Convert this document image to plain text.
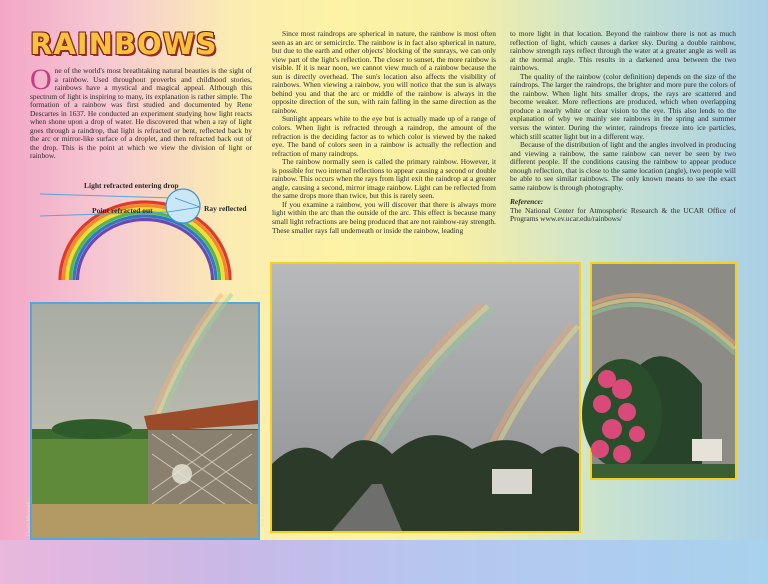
RAINBOWS

One of the world's most breathtaking natural beauties is the sight of a rainbow. Used throughout proverbs and childhood stories, rainbows have a mystical and magical appeal. Although this spectrum of light is inspiring to many, its explanation is rather simple. The formation of a rainbow was first studied and documented by Rene Descartes in 1637. He conducted an experiment studying how light reacts when shone upon a drop of water. He discovered that when a ray of light goes through a raindrop, that light is refracted or bent, reflected back by the arc or mirror-like surface of a droplet, and then refracted back out of the drop. This is the point at which we view the division of light or rainbow.

Light refracted entering drop
Point refracted out	Ray reflected

Since most raindrops are spherical in nature, the rainbow is most often seen as an arc or semicircle. The rainbow is in fact also spherical in nature, but due to the earth and other objects' blocking of the sunrays, we can only view part of the light's reflection. The closer to sunset, the more rainbow is visible. If it is near noon, we cannot view much of a rainbow because the sun is directly overhead. The sun's location also affects the visibility of rainbows. When viewing a rainbow, you will notice that the sun is always behind you and that the arc or middle of the rainbow is always in the opposite direction of the sun, with rain falling in the same direction as the rainbow.

Sunlight appears white to the eye but is actually made up of a range of colors. When light is refracted through a raindrop, the amount of the refraction is the deciding factor as to which color is viewed by the naked eye. The band of colors seen in a rainbow is actually the reflection and refraction of many raindrops.

The rainbow normally seen is called the primary rainbow. However, it is possible for two internal reflections to appear causing a second or double rainbow. This occurs when the rays from light exit the raindrop at a greater angle, causing a second, mirror image rainbow. Light can be reflected from the same drops more than twice, but this is rarely seen.

If you examine a rainbow, you will discover that there is always more light within the arc than the outside of the arc. This effect is because many small light refractions are being produced that are not rainbow-ray strength. These smaller rays fall underneath or inside the rainbow, leading

to more light in that location. Beyond the rainbow there is not as much reflection of light, which causes a darker sky. During a double rainbow, rainbow strength rays reflect through the water at a greater angle as well as at the normal angle. This results in a darkened area between the two rainbows.

The quality of the rainbow (color definition) depends on the size of the raindrops. The larger the raindrops, the brighter and more pure the colors of the rainbow. When light hits smaller drops, the rays are scattered and become weaker. More reflections are produced, which when overlapping produce a nearly white or clear vision to the eye. This also lends to the explanation of why we mainly see rainbows in the spring and summer versus the winter. During the winter, raindrops freeze into ice particles, which still scatter light but in a different way.

Because of the distribution of light and the angles involved in producing and viewing a rainbow, the same rainbow can never be seen by two different people. If the conditions causing the rainbow to appear produce enough reflection, that is close to the same location (angle), two people will be able to see similar rainbows. The only known means to see the exact same rainbow is through photography.

Reference:

The National Center for Atmospheric Research & the UCAR Office of Programs www.ev.ucar.edu/rainbows/

Gwen Marshall	Pat Thornton
Pat Thornton
